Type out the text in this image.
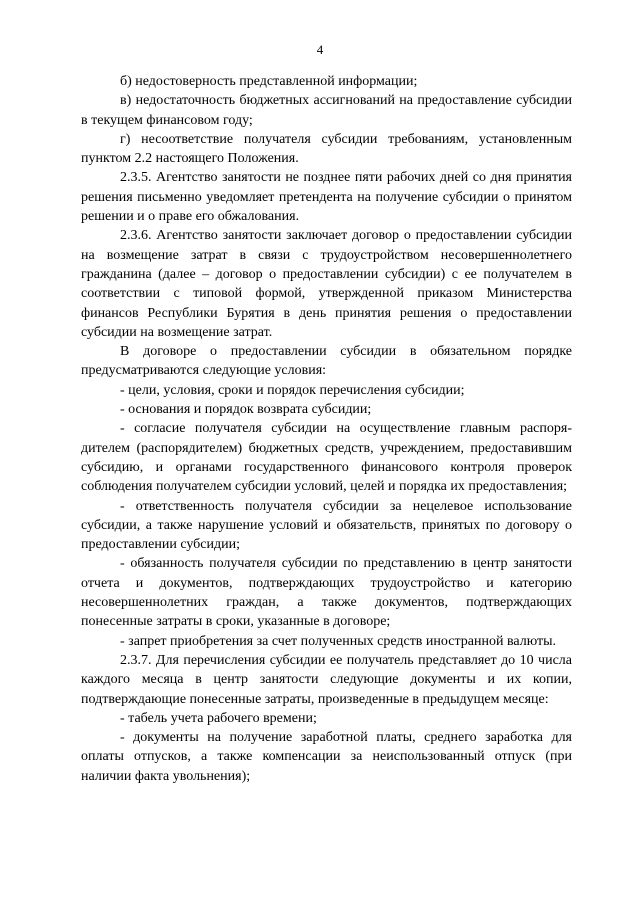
4

б) недостоверность представленной информации;

в) недостаточность бюджетных ассигнований на предоставление субсидии в текущем финансовом году;

г) несоответствие получателя субсидии требованиям, установленным пунктом 2.2 настоящего Положения.

2.3.5. Агентство занятости не позднее пяти рабочих дней со дня принятия решения письменно уведомляет претендента на получение субсидии о принятом решении и о праве его обжалования.

2.3.6. Агентство занятости заключает договор о предоставлении субсидии на возмещение затрат в связи с трудоустройством несовершеннолетнего гражданина (далее – договор о предоставлении субсидии) с ее получателем в соответствии с типовой формой, утвержденной приказом Министерства финансов Республики Бурятия в день принятия решения о предоставлении субсидии на возмещение затрат.

В договоре о предоставлении субсидии в обязательном порядке предусматриваются следующие условия:

- цели, условия, сроки и порядок перечисления субсидии;

- основания и порядок возврата субсидии;

- согласие получателя субсидии на осуществление главным распорядителем (распорядителем) бюджетных средств, учреждением, предоставившим субсидию, и органами государственного финансового контроля проверок соблюдения получателем субсидии условий, целей и порядка их предоставления;

- ответственность получателя субсидии за нецелевое использование субсидии, а также нарушение условий и обязательств, принятых по договору о предоставлении субсидии;

- обязанность получателя субсидии по представлению в центр занятости отчета и документов, подтверждающих трудоустройство и категорию несовершеннолетних граждан, а также документов, подтверждающих понесенные затраты в сроки, указанные в договоре;

- запрет приобретения за счет полученных средств иностранной валюты.

2.3.7. Для перечисления субсидии ее получатель представляет до 10 числа каждого месяца в центр занятости следующие документы и их копии, подтверждающие понесенные затраты, произведенные в предыдущем месяце:

- табель учета рабочего времени;

- документы на получение заработной платы, среднего заработка для оплаты отпусков, а также компенсации за неиспользованный отпуск (при наличии факта увольнения);
